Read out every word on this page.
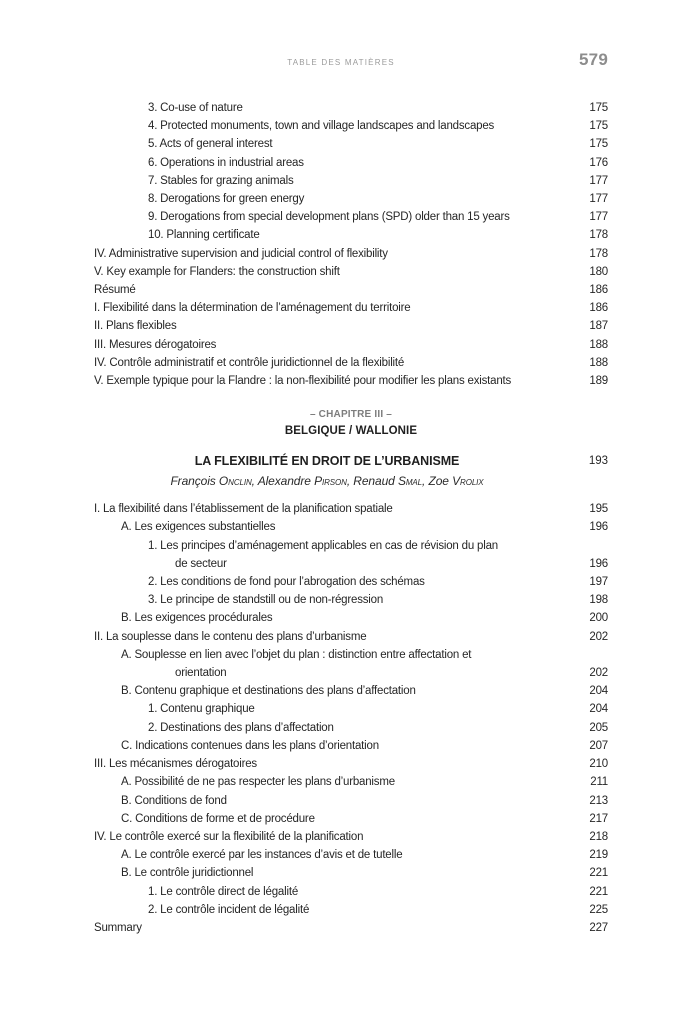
TABLE DES MATIÈRES	579
3. Co-use of nature	175
4. Protected monuments, town and village landscapes and landscapes	175
5. Acts of general interest	175
6. Operations in industrial areas	176
7. Stables for grazing animals	177
8. Derogations for green energy	177
9. Derogations from special development plans (SPD) older than 15 years	177
10. Planning certificate	178
IV. Administrative supervision and judicial control of flexibility	178
V. Key example for Flanders: the construction shift	180
Résumé	186
I. Flexibilité dans la détermination de l’aménagement du territoire	186
II. Plans flexibles	187
III. Mesures dérogatoires	188
IV. Contrôle administratif et contrôle juridictionnel de la flexibilité	188
V. Exemple typique pour la Flandre : la non-flexibilité pour modifier les plans existants	189
– CHAPITRE III –
BELGIQUE / WALLONIE
LA FLEXIBILITÉ EN DROIT DE L’URBANISME	193
François Onclin, Alexandre Pirson, Renaud Smal, Zoe Vrolix
I. La flexibilité dans l’établissement de la planification spatiale	195
A. Les exigences substantielles	196
1. Les principes d’aménagement applicables en cas de révision du plan
de secteur	196
2. Les conditions de fond pour l’abrogation des schémas	197
3. Le principe de standstill ou de non-régression	198
B. Les exigences procédurales	200
II. La souplesse dans le contenu des plans d’urbanisme	202
A. Souplesse en lien avec l’objet du plan : distinction entre affectation et
orientation	202
B. Contenu graphique et destinations des plans d’affectation	204
1. Contenu graphique	204
2. Destinations des plans d’affectation	205
C. Indications contenues dans les plans d’orientation	207
III. Les mécanismes dérogatoires	210
A. Possibilité de ne pas respecter les plans d’urbanisme	211
B. Conditions de fond	213
C. Conditions de forme et de procédure	217
IV. Le contrôle exercé sur la flexibilité de la planification	218
A. Le contrôle exercé par les instances d’avis et de tutelle	219
B. Le contrôle juridictionnel	221
1. Le contrôle direct de légalité	221
2. Le contrôle incident de légalité	225
Summary	227
